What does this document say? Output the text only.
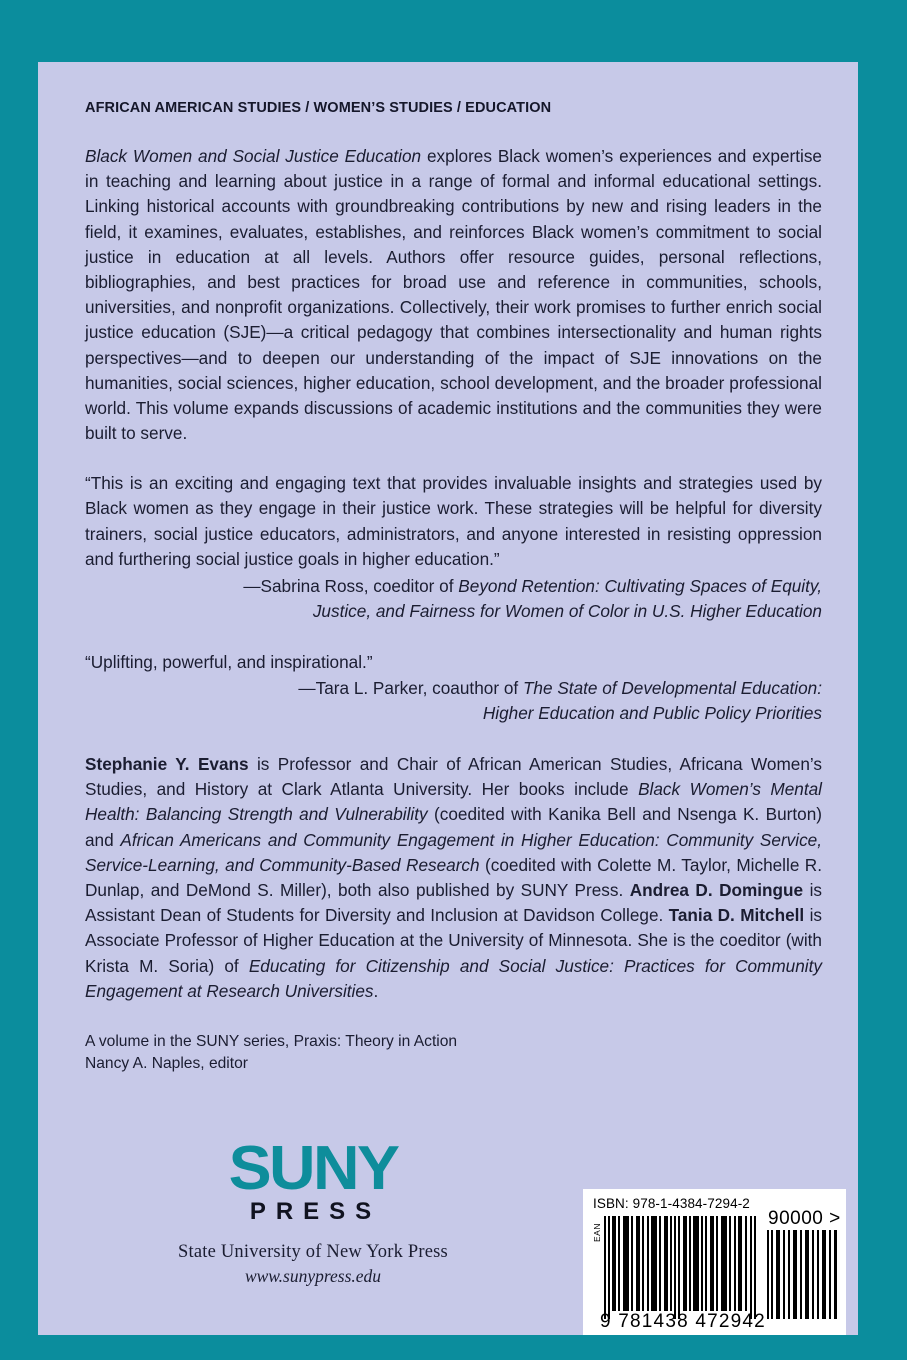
AFRICAN AMERICAN STUDIES / WOMEN’S STUDIES / EDUCATION

Black Women and Social Justice Education explores Black women’s experiences and expertise in teaching and learning about justice in a range of formal and informal educational settings. Linking historical accounts with groundbreaking contributions by new and rising leaders in the field, it examines, evaluates, establishes, and reinforces Black women’s commitment to social justice in education at all levels. Authors offer resource guides, personal reflections, bibliographies, and best practices for broad use and reference in communities, schools, universities, and nonprofit organizations. Collectively, their work promises to further enrich social justice education (SJE)—a critical pedagogy that combines intersectionality and human rights perspectives—and to deepen our understanding of the impact of SJE innovations on the humanities, social sciences, higher education, school development, and the broader professional world. This volume expands discussions of academic institutions and the communities they were built to serve.

“This is an exciting and engaging text that provides invaluable insights and strategies used by Black women as they engage in their justice work. These strategies will be helpful for diversity trainers, social justice educators, administrators, and anyone interested in resisting oppression and furthering social justice goals in higher education.”

—Sabrina Ross, coeditor of Beyond Retention: Cultivating Spaces of Equity,
Justice, and Fairness for Women of Color in U.S. Higher Education

“Uplifting, powerful, and inspirational.”

—Tara L. Parker, coauthor of The State of Developmental Education:
Higher Education and Public Policy Priorities

Stephanie Y. Evans is Professor and Chair of African American Studies, Africana Women’s Studies, and History at Clark Atlanta University. Her books include Black Women’s Mental Health: Balancing Strength and Vulnerability (coedited with Kanika Bell and Nsenga K. Burton) and African Americans and Community Engagement in Higher Education: Community Service, Service-Learning, and Community-Based Research (coedited with Colette M. Taylor, Michelle R. Dunlap, and DeMond S. Miller), both also published by SUNY Press. Andrea D. Domingue is Assistant Dean of Students for Diversity and Inclusion at Davidson College. Tania D. Mitchell is Associate Professor of Higher Education at the University of Minnesota. She is the coeditor (with Krista M. Soria) of Educating for Citizenship and Social Justice: Practices for Community Engagement at Research Universities.

A volume in the SUNY series, Praxis: Theory in Action
Nancy A. Naples, editor

SUNY
PRESS
State University of New York Press
www.sunypress.edu
ISBN: 978-1-4384-7294-2
EAN
90000 >
9 781438 472942
